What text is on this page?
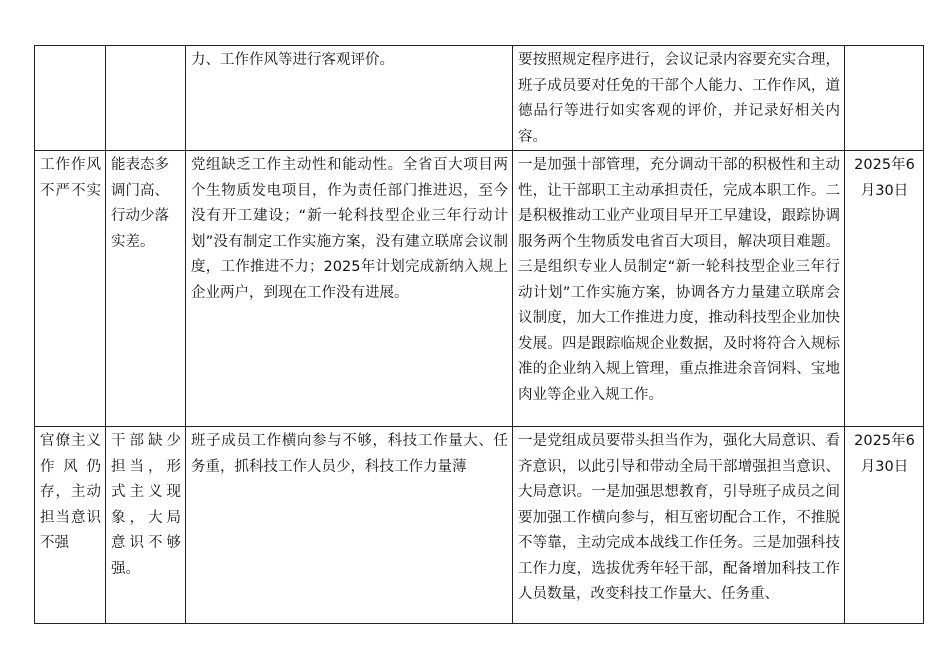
		力、工作作风等进行客观评价。	要按照规定程序进行，会议记录内容要充实合理，班子成员要对任免的干部个人能力、工作作风，道德品行等进行如实客观的评价，并记录好相关内容。	
工作作风不严不实	能表态多调门高、行动少落实差。	党组缺乏工作主动性和能动性。全省百大项目两个生物质发电项目，作为责任部门推进迟，至今没有开工建设；“新一轮科技型企业三年行动计划”没有制定工作实施方案，没有建立联席会议制度，工作推进不力；2025年计划完成新纳入规上企业两户，到现在工作没有进展。	一是加强十部管理，充分调动干部的积极性和主动性，让干部职工主动承担责任，完成本职工作。二是积极推动工业产业项目早开工早建设，跟踪协调服务两个生物质发电省百大项目，解决项目难题。三是组织专业人员制定“新一轮科技型企业三年行动计划”工作实施方案，协调各方力量建立联席会议制度，加大工作推进力度，推动科技型企业加快发展。四是跟踪临规企业数据，及时将符合入规标准的企业纳入规上管理，重点推进余音饲料、宝地肉业等企业入规工作。	2025年6月30日
官僚主义作风仍存，主动担当意识不强	干部缺少担当，形式主义现象，大局意识不够强。	班子成员工作横向参与不够，科技工作量大、任务重，抓科技工作人员少，科技工作力量薄	一是党组成员要带头担当作为，强化大局意识、看齐意识，以此引导和带动全局干部增强担当意识、大局意识。一是加强思想教育，引导班子成员之间要加强工作横向参与，相互密切配合工作，不推脱不等靠，主动完成本战线工作任务。三是加强科技工作力度，选拔优秀年轻干部，配备增加科技工作人员数量，改变科技工作量大、任务重、	2025年6月30日
